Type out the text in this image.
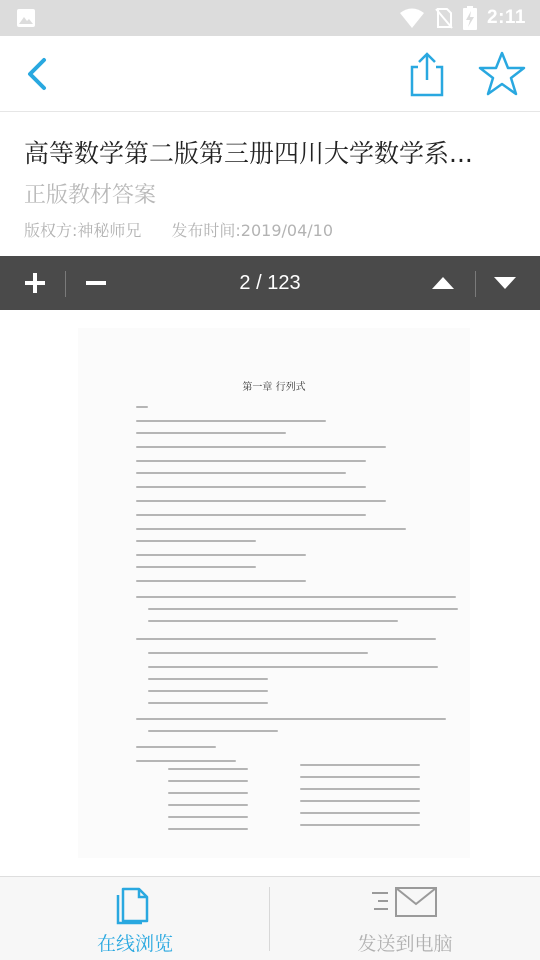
2:11
高等数学第二版第三册四川大学数学系...
正版教材答案
版权方:神秘师兄 发布时间:2019/04/10
2 / 123
第一章 行列式
在线浏览	发送到电脑
